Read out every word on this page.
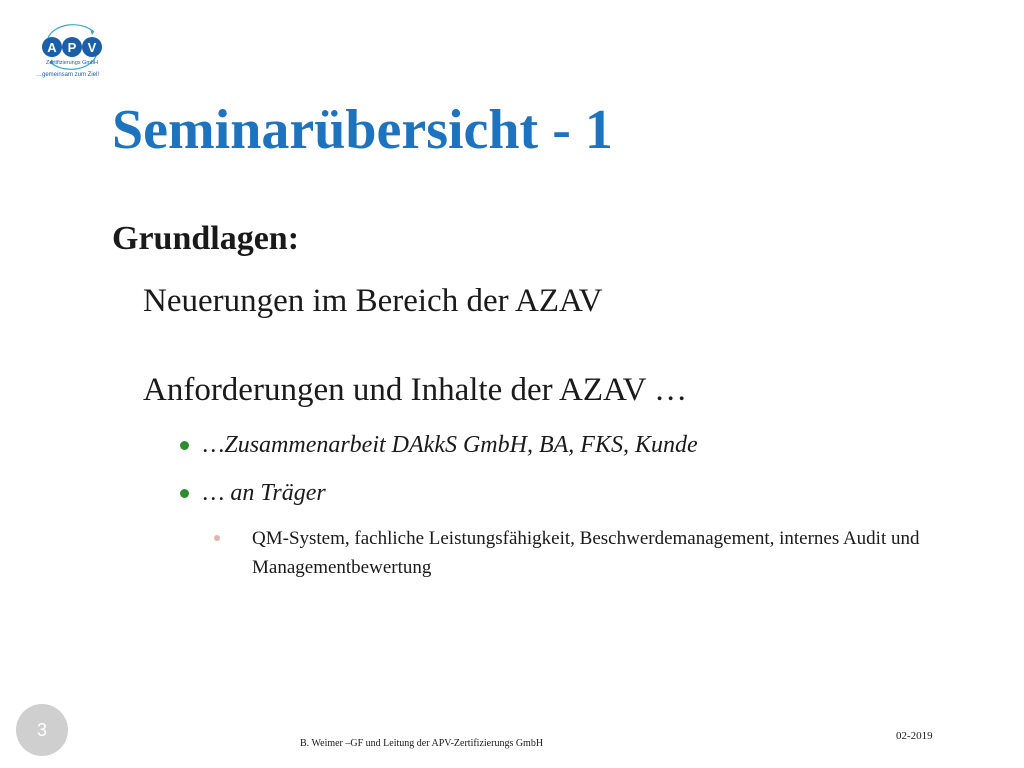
A P V
Zertifizierungs GmbH
…gemeinsam zum Ziel!
Seminarübersicht - 1
Grundlagen:
Neuerungen im Bereich der AZAV
Anforderungen und Inhalte der AZAV …
…Zusammenarbeit DAkkS GmbH, BA, FKS, Kunde
… an Träger
QM-System, fachliche Leistungsfähigkeit, Beschwerdemanagement, internes Audit und Managementbewertung
3
B. Weimer –GF und Leitung der APV-Zertifizierungs GmbH
02-2019
